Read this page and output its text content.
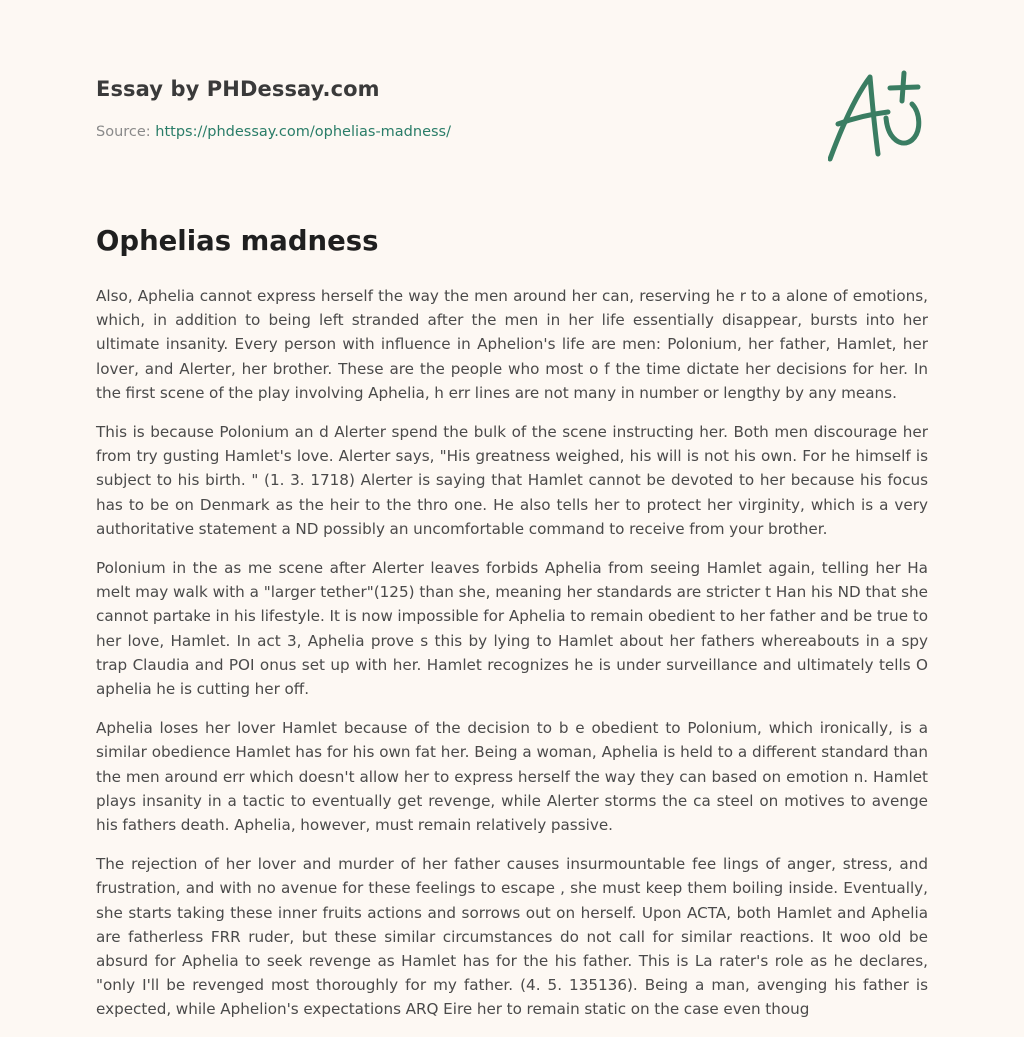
Essay by PHDessay.com
Source: https://phdessay.com/ophelias-madness/
Ophelias madness

Also, Aphelia cannot express herself the way the men around her can, reserving he r to a alone of emotions, which, in addition to being left stranded after the men in her life essentially disappear, bursts into her ultimate insanity. Every person with influence in Aphelion's life are men: Polonium, her father, Hamlet, her lover, and Alerter, her brother. These are the people who most o f the time dictate her decisions for her. In the first scene of the play involving Aphelia, h err lines are not many in number or lengthy by any means.

This is because Polonium an d Alerter spend the bulk of the scene instructing her. Both men discourage her from try gusting Hamlet's love. Alerter says, "His greatness weighed, his will is not his own. For he himself is subject to his birth. " (1. 3. 1718) Alerter is saying that Hamlet cannot be devoted to her because his focus has to be on Denmark as the heir to the thro one. He also tells her to protect her virginity, which is a very authoritative statement a ND possibly an uncomfortable command to receive from your brother.

Polonium in the as me scene after Alerter leaves forbids Aphelia from seeing Hamlet again, telling her Ha melt may walk with a "larger tether"(125) than she, meaning her standards are stricter t Han his ND that she cannot partake in his lifestyle. It is now impossible for Aphelia to remain obedient to her father and be true to her love, Hamlet. In act 3, Aphelia prove s this by lying to Hamlet about her fathers whereabouts in a spy trap Claudia and POI onus set up with her. Hamlet recognizes he is under surveillance and ultimately tells O aphelia he is cutting her off.

Aphelia loses her lover Hamlet because of the decision to b e obedient to Polonium, which ironically, is a similar obedience Hamlet has for his own fat her. Being a woman, Aphelia is held to a different standard than the men around err which doesn't allow her to express herself the way they can based on emotion n. Hamlet plays insanity in a tactic to eventually get revenge, while Alerter storms the ca steel on motives to avenge his fathers death. Aphelia, however, must remain relatively passive.

The rejection of her lover and murder of her father causes insurmountable fee lings of anger, stress, and frustration, and with no avenue for these feelings to escape , she must keep them boiling inside. Eventually, she starts taking these inner fruits actions and sorrows out on herself. Upon ACTA, both Hamlet and Aphelia are fatherless FRR ruder, but these similar circumstances do not call for similar reactions. It woo old be absurd for Aphelia to seek revenge as Hamlet has for the his father. This is La rater's role as he declares, "only I'll be revenged most thoroughly for my father. (4. 5. 135136). Being a man, avenging his father is expected, while Aphelion's expectations ARQ Eire her to remain static on the case even thoug
